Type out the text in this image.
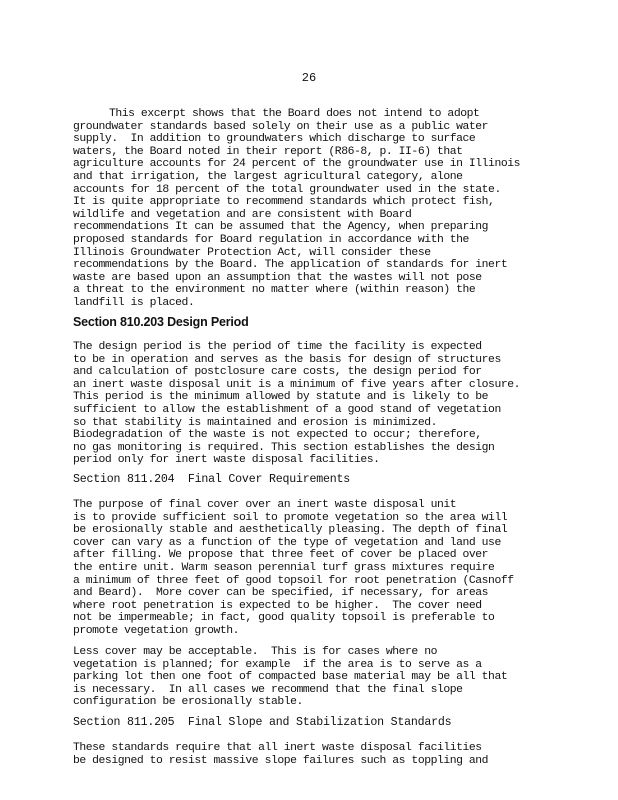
26
This excerpt shows that the Board does not intend to adopt
groundwater standards based solely on their use as a public water
supply.  In addition to groundwaters which discharge to surface
waters, the Board noted in their report (R86-8, p. II-6) that
agriculture accounts for 24 percent of the groundwater use in Illinois
and that irrigation, the largest agricultural category, alone
accounts for 18 percent of the total groundwater used in the state.
It is quite appropriate to recommend standards which protect fish,
wildlife and vegetation and are consistent with Board
recommendations It can be assumed that the Agency, when preparing
proposed standards for Board regulation in accordance with the
Illinois Groundwater Protection Act, will consider these
recommendations by the Board. The application of standards for inert
waste are based upon an assumption that the wastes will not pose
a threat to the environment no matter where (within reason) the
landfill is placed.
Section 810.203 Design Period
The design period is the period of time the facility is expected
to be in operation and serves as the basis for design of structures
and calculation of postclosure care costs, the design period for
an inert waste disposal unit is a minimum of five years after closure.
This period is the minimum allowed by statute and is likely to be
sufficient to allow the establishment of a good stand of vegetation
so that stability is maintained and erosion is minimized.
Biodegradation of the waste is not expected to occur; therefore,
no gas monitoring is required. This section establishes the design
period only for inert waste disposal facilities.
Section 811.204  Final Cover Requirements
The purpose of final cover over an inert waste disposal unit
is to provide sufficient soil to promote vegetation so the area will
be erosionally stable and aesthetically pleasing. The depth of final
cover can vary as a function of the type of vegetation and land use
after filling. We propose that three feet of cover be placed over
the entire unit. Warm season perennial turf grass mixtures require
a minimum of three feet of good topsoil for root penetration (Casnoff
and Beard).  More cover can be specified, if necessary, for areas
where root penetration is expected to be higher.  The cover need
not be impermeable; in fact, good quality topsoil is preferable to
promote vegetation growth.
Less cover may be acceptable.  This is for cases where no
vegetation is planned; for example  if the area is to serve as a
parking lot then one foot of compacted base material may be all that
is necessary.  In all cases we recommend that the final slope
configuration be erosionally stable.
Section 811.205  Final Slope and Stabilization Standards
These standards require that all inert waste disposal facilities
be designed to resist massive slope failures such as toppling and
